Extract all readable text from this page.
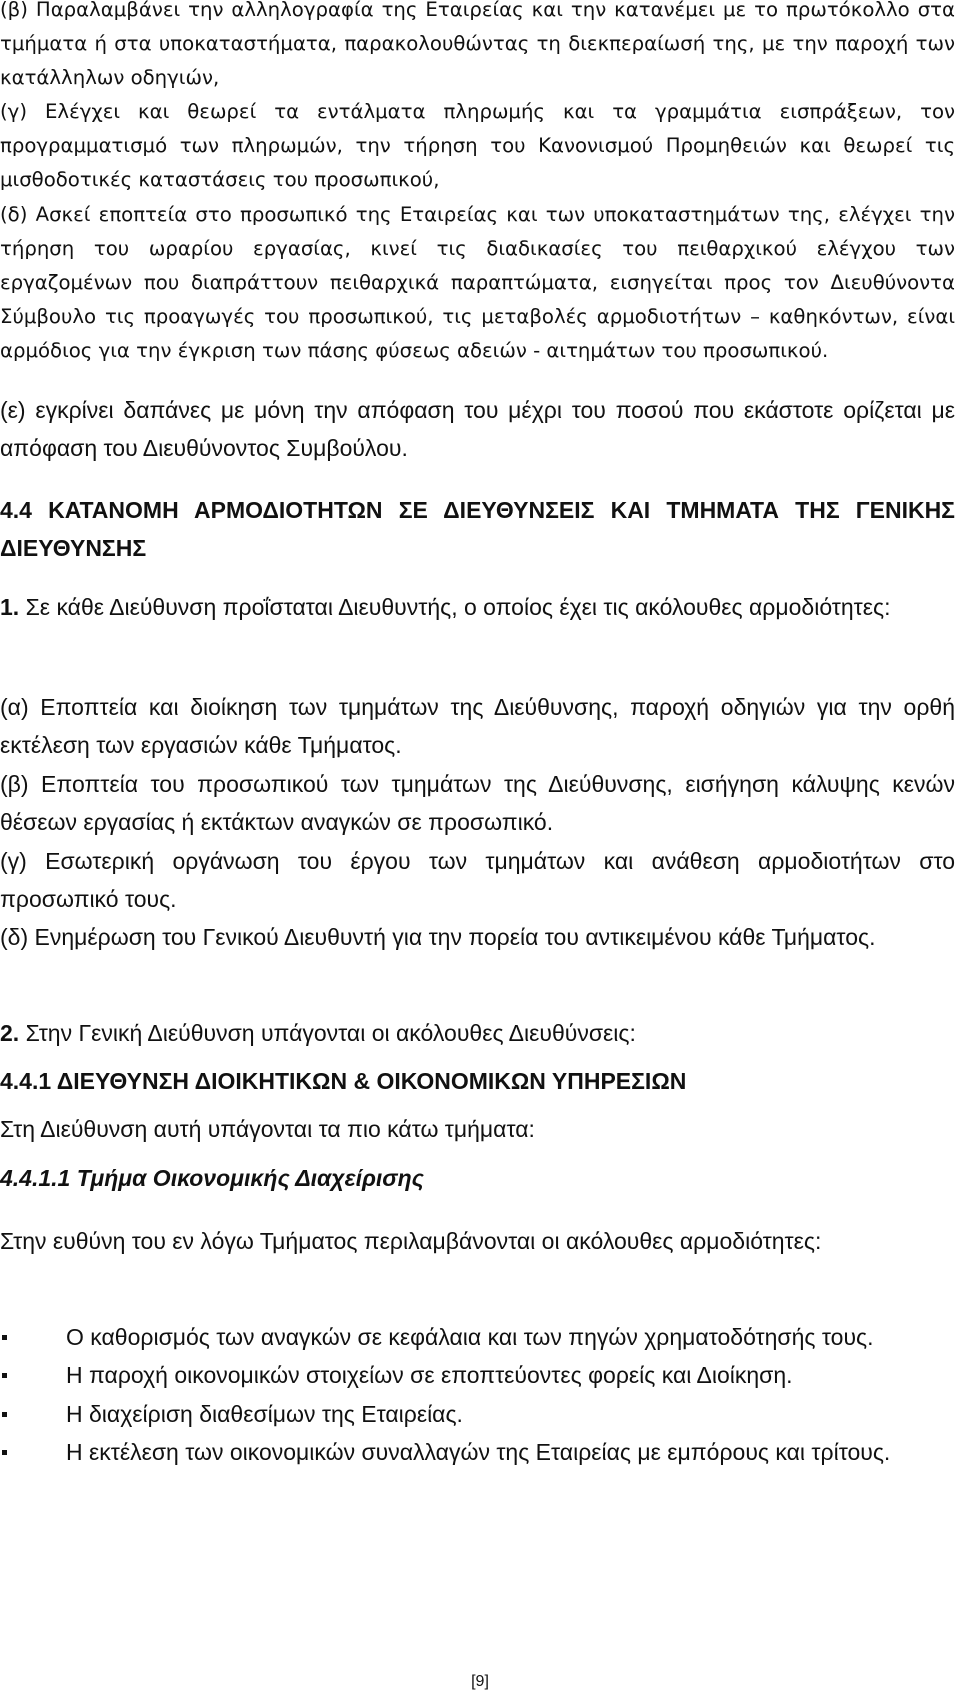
(β) Παραλαμβάνει την αλληλογραφία της Εταιρείας και την κατανέμει με το πρωτόκολλο στα τμήματα ή στα υποκαταστήματα, παρακολουθώντας τη διεκπεραίωσή της, με την παροχή των κατάλληλων οδηγιών,

(γ) Ελέγχει και θεωρεί τα εντάλματα πληρωμής και τα γραμμάτια εισπράξεων, τον προγραμματισμό των πληρωμών, την τήρηση του Κανονισμού Προμηθειών και θεωρεί τις μισθοδοτικές καταστάσεις του προσωπικού,

(δ) Ασκεί εποπτεία στο προσωπικό της Εταιρείας και των υποκαταστημάτων της, ελέγχει την τήρηση του ωραρίου εργασίας, κινεί τις διαδικασίες του πειθαρχικού ελέγχου των εργαζομένων που διαπράττουν πειθαρχικά παραπτώματα, εισηγείται προς τον Διευθύνοντα Σύμβουλο τις προαγωγές του προσωπικού, τις μεταβολές αρμοδιοτήτων – καθηκόντων, είναι αρμόδιος για την έγκριση των πάσης φύσεως αδειών - αιτημάτων του προσωπικού.

(ε) εγκρίνει δαπάνες με μόνη την απόφαση του μέχρι του ποσού που εκάστοτε ορίζεται με απόφαση του Διευθύνοντος Συμβούλου.

4.4 ΚΑΤΑΝΟΜΗ ΑΡΜΟΔΙΟΤΗΤΩΝ ΣΕ ΔΙΕΥΘΥΝΣΕΙΣ ΚΑΙ ΤΜΗΜΑΤΑ ΤΗΣ ΓΕΝΙΚΗΣ ΔΙΕΥΘΥΝΣΗΣ

1. Σε κάθε Διεύθυνση προΐσταται Διευθυντής, ο οποίος έχει τις ακόλουθες αρμοδιότητες:

(α) Εποπτεία και διοίκηση των τμημάτων της Διεύθυνσης, παροχή οδηγιών για την ορθή εκτέλεση των εργασιών κάθε Τμήματος.

(β) Εποπτεία του προσωπικού των τμημάτων της Διεύθυνσης, εισήγηση κάλυψης κενών θέσεων εργασίας ή εκτάκτων αναγκών σε προσωπικό.

(γ) Εσωτερική οργάνωση του έργου των τμημάτων και ανάθεση αρμοδιοτήτων στο προσωπικό τους.

(δ) Ενημέρωση του Γενικού Διευθυντή για την πορεία του αντικειμένου κάθε Τμήματος.

2. Στην Γενική Διεύθυνση υπάγονται οι ακόλουθες Διευθύνσεις:

4.4.1 ΔΙΕΥΘΥΝΣΗ ΔΙΟΙΚΗΤΙΚΩΝ & ΟΙΚΟΝΟΜΙΚΩΝ ΥΠΗΡΕΣΙΩΝ

Στη Διεύθυνση αυτή υπάγονται τα πιο κάτω τμήματα:

4.4.1.1 Τμήμα Οικονομικής Διαχείρισης

Στην ευθύνη του εν λόγω Τμήματος περιλαμβάνονται οι ακόλουθες αρμοδιότητες:

Ο καθορισμός των αναγκών σε κεφάλαια και των πηγών χρηματοδότησής τους.
Η παροχή οικονομικών στοιχείων σε εποπτεύοντες φορείς και Διοίκηση.
Η διαχείριση διαθεσίμων της Εταιρείας.
Η εκτέλεση των οικονομικών συναλλαγών της Εταιρείας με εμπόρους και τρίτους.
[9]
